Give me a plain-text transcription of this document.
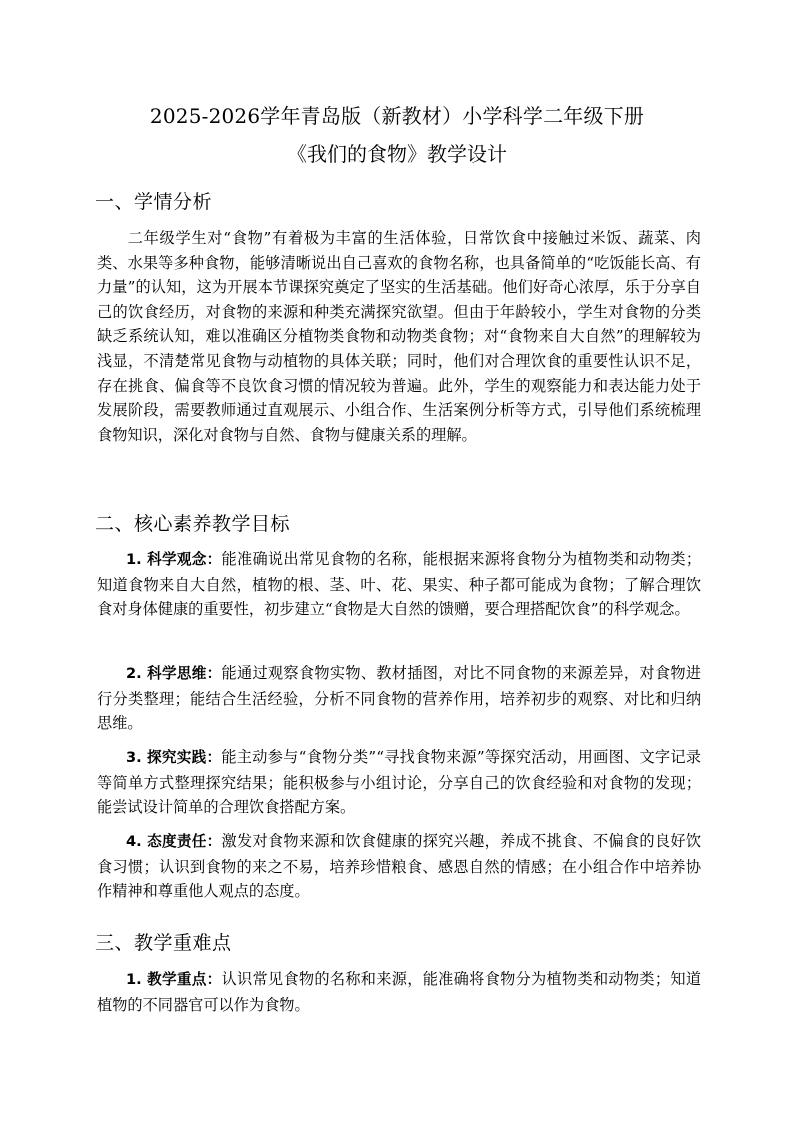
2025-2026学年青岛版（新教材）小学科学二年级下册
《我们的食物》教学设计
一、学情分析

二年级学生对“食物”有着极为丰富的生活体验，日常饮食中接触过米饭、蔬菜、肉类、水果等多种食物，能够清晰说出自己喜欢的食物名称，也具备简单的“吃饭能长高、有力量”的认知，这为开展本节课探究奠定了坚实的生活基础。他们好奇心浓厚，乐于分享自己的饮食经历，对食物的来源和种类充满探究欲望。但由于年龄较小，学生对食物的分类缺乏系统认知，难以准确区分植物类食物和动物类食物；对“食物来自大自然”的理解较为浅显，不清楚常见食物与动植物的具体关联；同时，他们对合理饮食的重要性认识不足，存在挑食、偏食等不良饮食习惯的情况较为普遍。此外，学生的观察能力和表达能力处于发展阶段，需要教师通过直观展示、小组合作、生活案例分析等方式，引导他们系统梳理食物知识，深化对食物与自然、食物与健康关系的理解。

二、核心素养教学目标

1. 科学观念：能准确说出常见食物的名称，能根据来源将食物分为植物类和动物类；知道食物来自大自然，植物的根、茎、叶、花、果实、种子都可能成为食物；了解合理饮食对身体健康的重要性，初步建立“食物是大自然的馈赠，要合理搭配饮食”的科学观念。

2. 科学思维：能通过观察食物实物、教材插图，对比不同食物的来源差异，对食物进行分类整理；能结合生活经验，分析不同食物的营养作用，培养初步的观察、对比和归纳思维。

3. 探究实践：能主动参与“食物分类”“寻找食物来源”等探究活动，用画图、文字记录等简单方式整理探究结果；能积极参与小组讨论，分享自己的饮食经验和对食物的发现；能尝试设计简单的合理饮食搭配方案。

4. 态度责任：激发对食物来源和饮食健康的探究兴趣，养成不挑食、不偏食的良好饮食习惯；认识到食物的来之不易，培养珍惜粮食、感恩自然的情感；在小组合作中培养协作精神和尊重他人观点的态度。

三、教学重难点

1. 教学重点：认识常见食物的名称和来源，能准确将食物分为植物类和动物类；知道植物的不同器官可以作为食物。
